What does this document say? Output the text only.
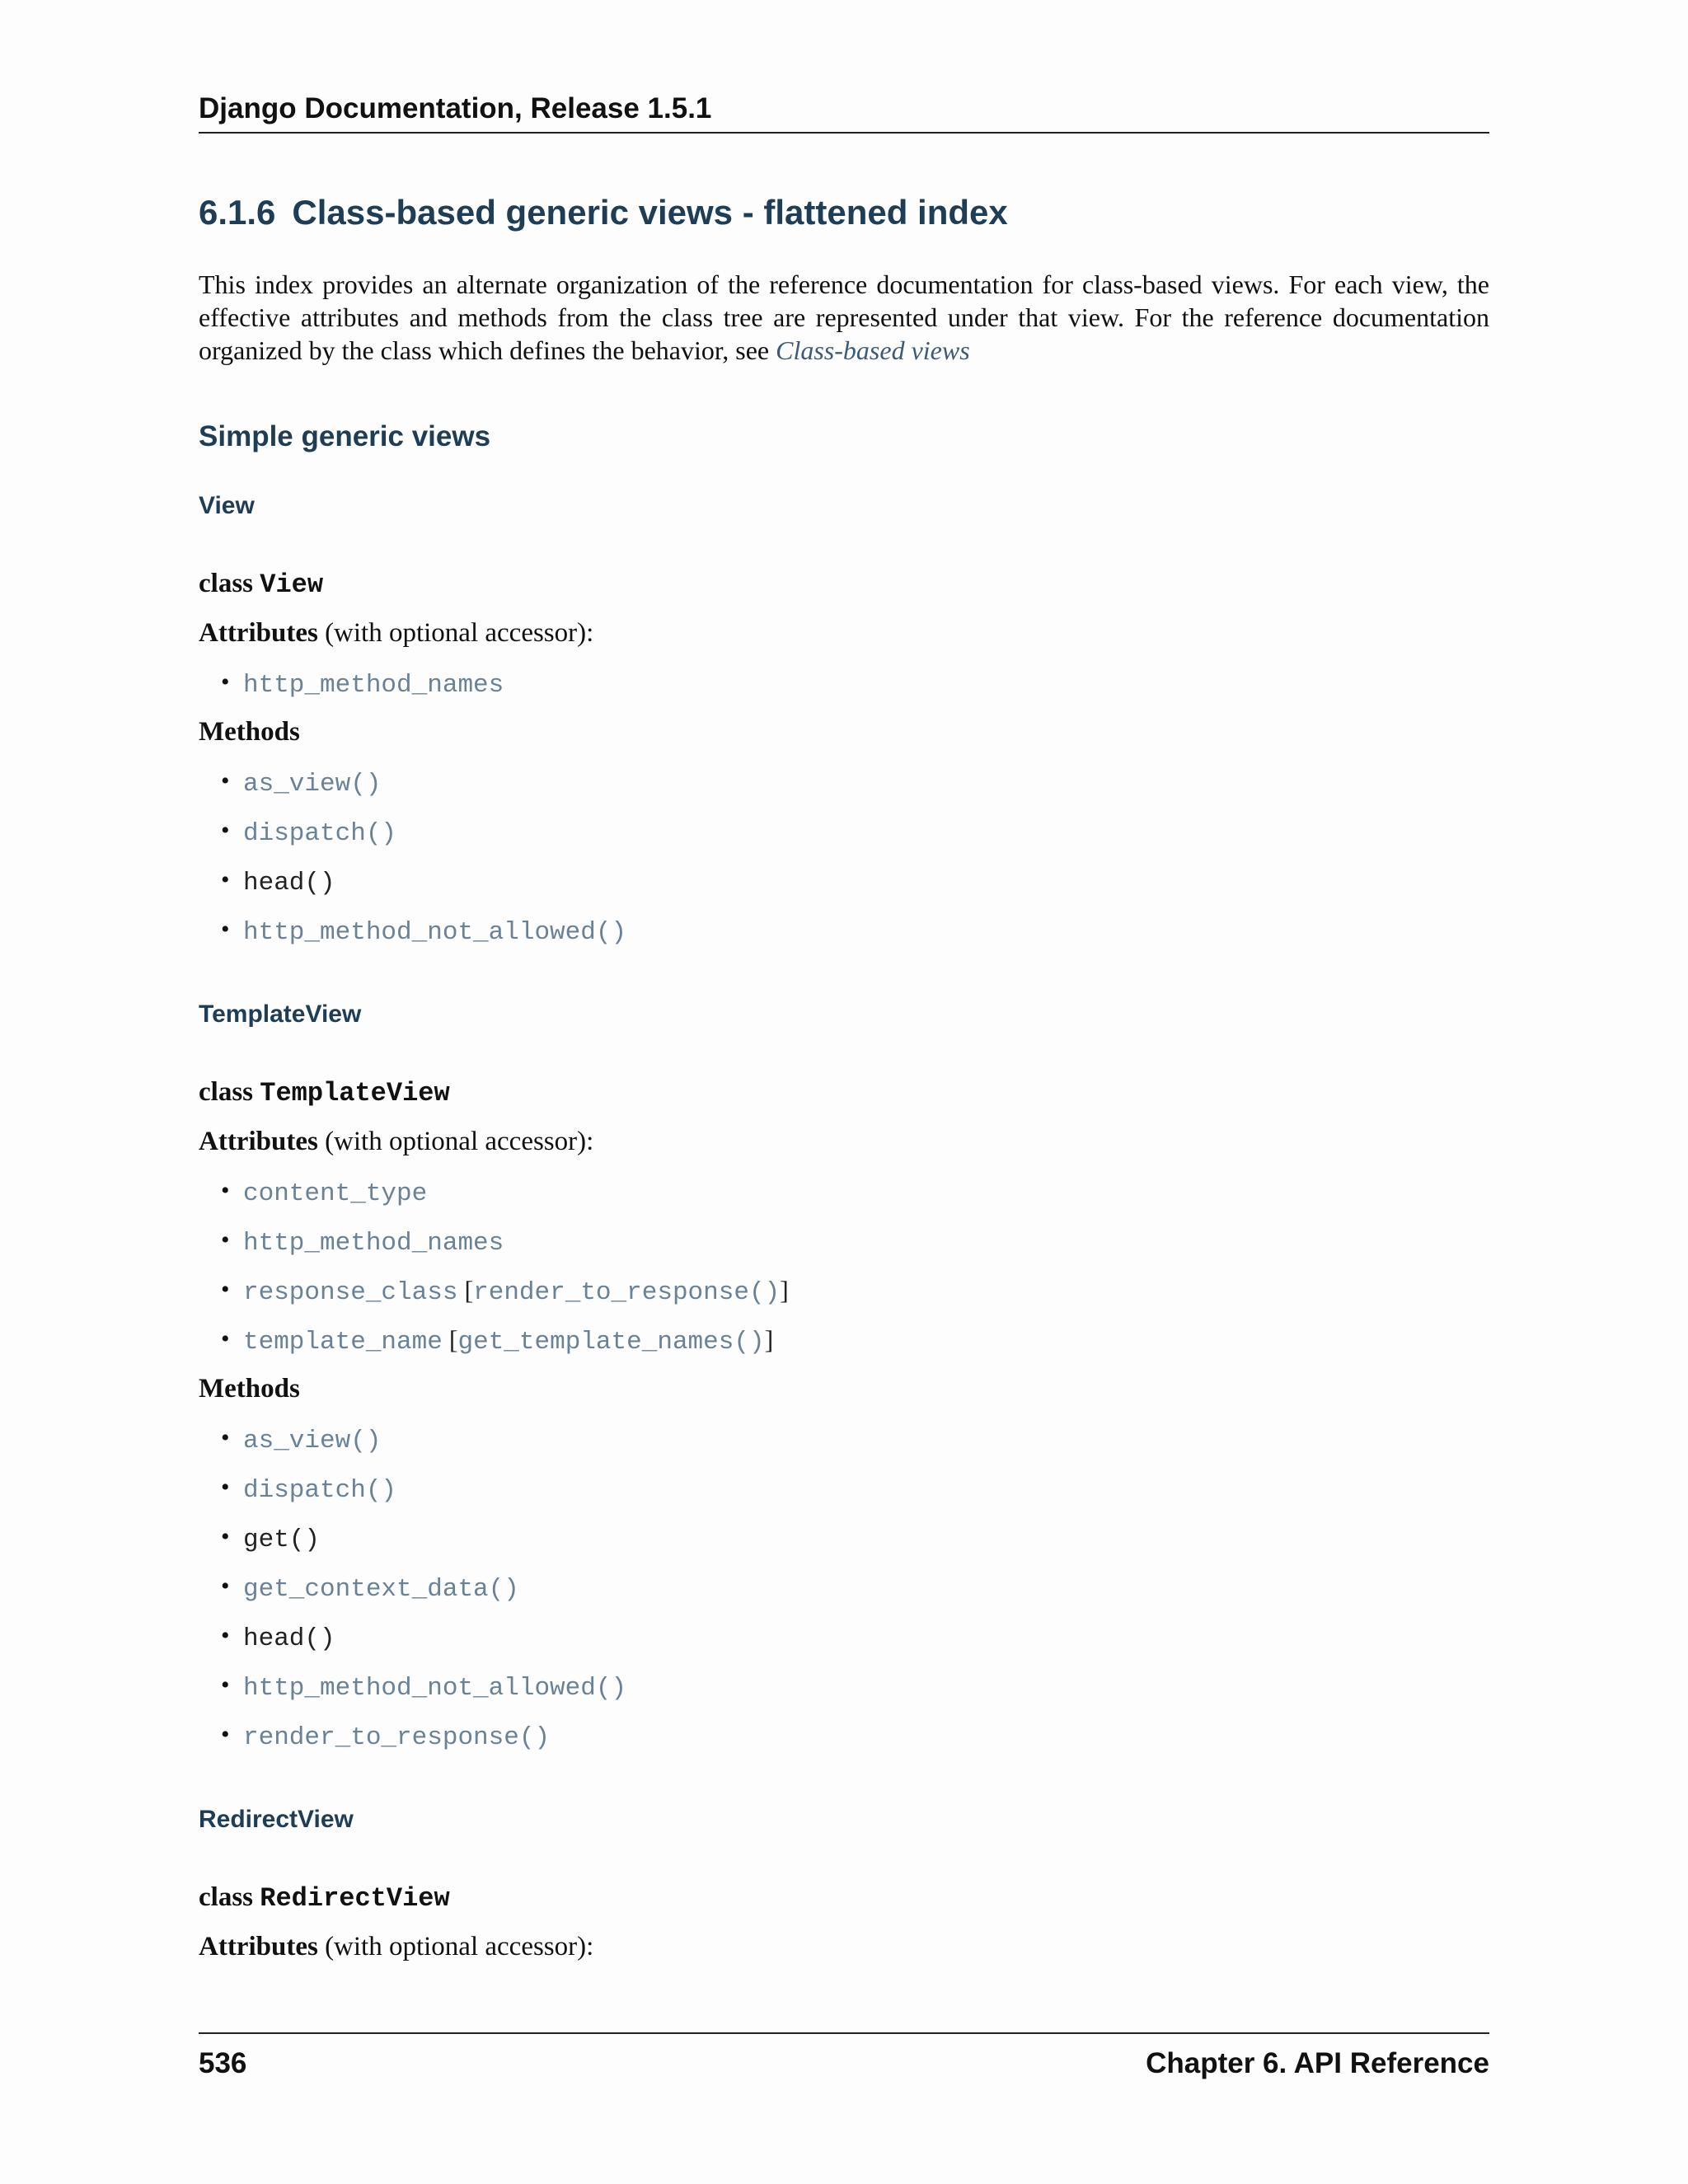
Django Documentation, Release 1.5.1
6.1.6 Class-based generic views - flattened index

This index provides an alternate organization of the reference documentation for class-based views. For each view, the effective attributes and methods from the class tree are represented under that view. For the reference documentation organized by the class which defines the behavior, see Class-based views

Simple generic views
View
class View
Attributes (with optional accessor):
• http_method_names
Methods
• as_view()
• dispatch()
• head()
• http_method_not_allowed()
TemplateView
class TemplateView
Attributes (with optional accessor):
• content_type
• http_method_names
• response_class [render_to_response()]
• template_name [get_template_names()]
Methods
• as_view()
• dispatch()
• get()
• get_context_data()
• head()
• http_method_not_allowed()
• render_to_response()
RedirectView
class RedirectView
Attributes (with optional accessor):
536	Chapter 6. API Reference
